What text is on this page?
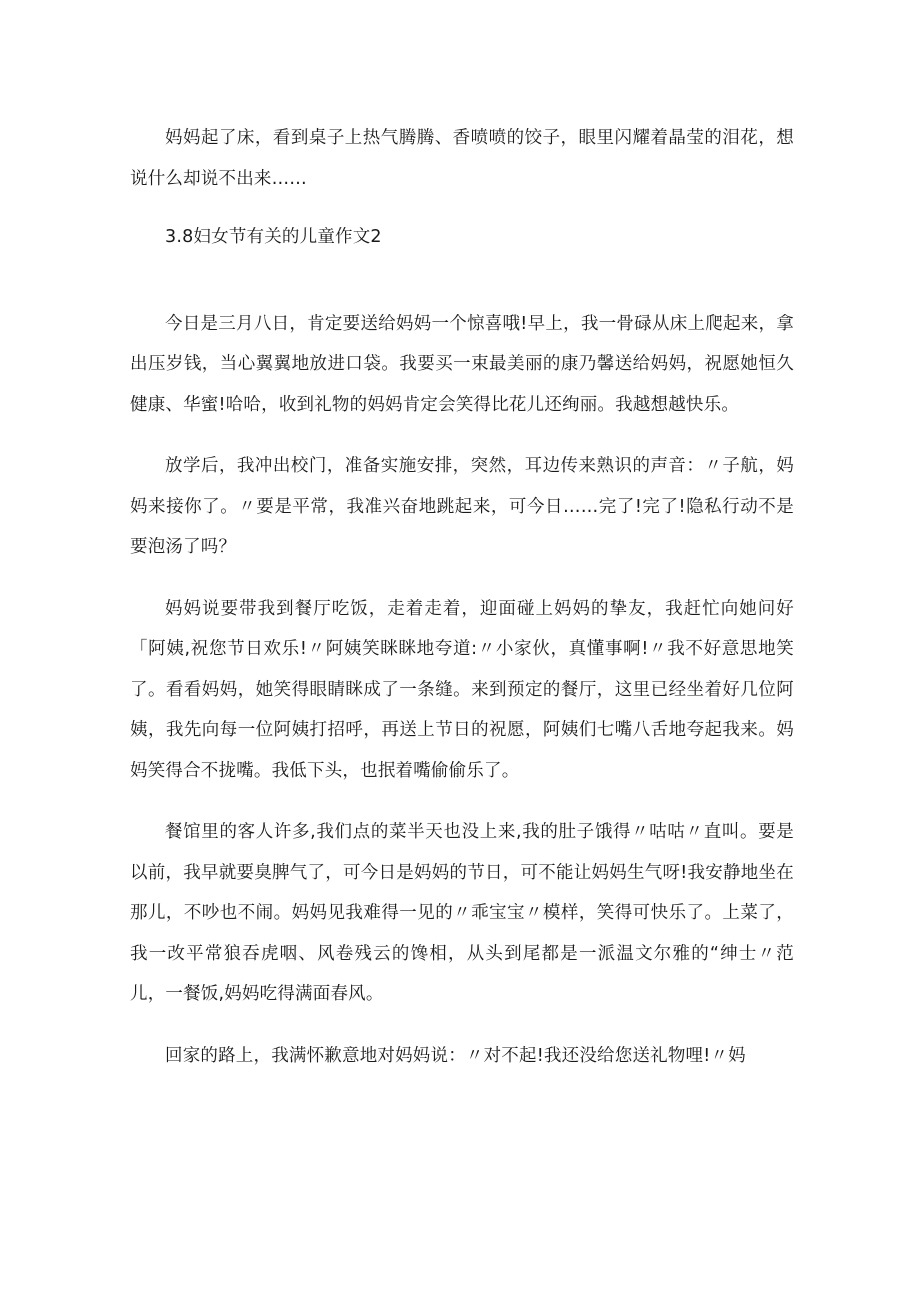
妈妈起了床，看到桌子上热气腾腾、香喷喷的饺子，眼里闪耀着晶莹的泪花，想说什么却说不出来……

3.8妇女节有关的儿童作文2

今日是三月八日，肯定要送给妈妈一个惊喜哦!早上，我一骨碌从床上爬起来，拿出压岁钱，当心翼翼地放进口袋。我要买一束最美丽的康乃馨送给妈妈，祝愿她恒久健康、华蜜!哈哈，收到礼物的妈妈肯定会笑得比花儿还绚丽。我越想越快乐。

放学后，我冲出校门，准备实施安排，突然，耳边传来熟识的声音：〃子航，妈妈来接你了。〃要是平常，我准兴奋地跳起来，可今日……完了!完了!隐私行动不是要泡汤了吗？

妈妈说要带我到餐厅吃饭，走着走着，迎面碰上妈妈的挚友，我赶忙向她问好「阿姨,祝您节日欢乐!〃阿姨笑眯眯地夸道:〃小家伙，真懂事啊!〃我不好意思地笑了。看看妈妈，她笑得眼睛眯成了一条缝。来到预定的餐厅，这里已经坐着好几位阿姨，我先向每一位阿姨打招呼，再送上节日的祝愿，阿姨们七嘴八舌地夸起我来。妈妈笑得合不拢嘴。我低下头，也抿着嘴偷偷乐了。

餐馆里的客人许多,我们点的菜半天也没上来,我的肚子饿得〃咕咕〃直叫。要是以前，我早就要臭脾气了，可今日是妈妈的节日，可不能让妈妈生气呀!我安静地坐在那儿，不吵也不闹。妈妈见我难得一见的〃乖宝宝〃模样，笑得可快乐了。上菜了，我一改平常狼吞虎咽、风卷残云的馋相，从头到尾都是一派温文尔雅的“绅士〃范儿，一餐饭,妈妈吃得满面春风。

回家的路上，我满怀歉意地对妈妈说：〃对不起!我还没给您送礼物哩!〃妈
